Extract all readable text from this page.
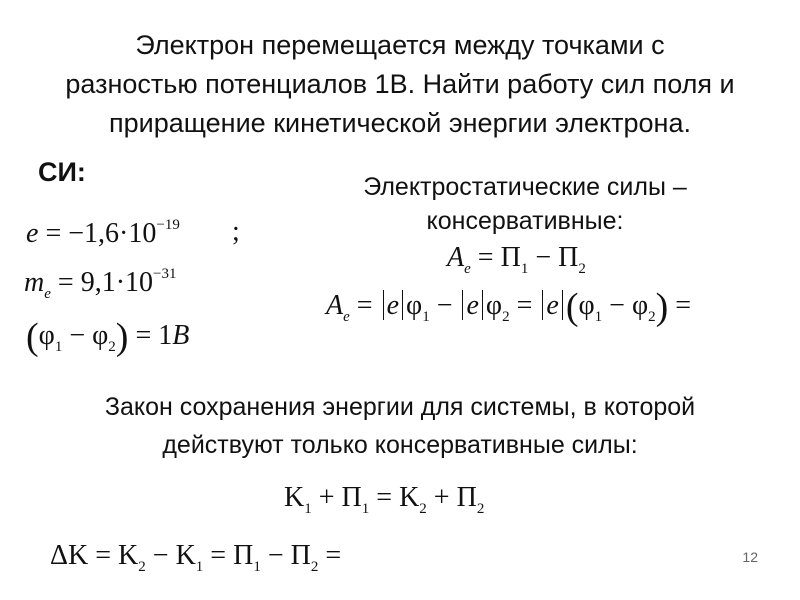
Электрон перемещается между точками с
разностью потенциалов 1В. Найти работу сил поля и
приращение кинетической энергии электрона.
СИ:
$e = -1,6\cdot 10^{-19}$ ;
$m_e = 9,1\cdot 10^{-31}$
$(\varphi_1 - \varphi_2) = 1B$
Электростатические силы –
консервативные:
$A_e = П_1 - П_2$
$A_e = e$ $\varphi_1 - e$ $\varphi_2 = e$ $(\varphi_1 - \varphi_2)$ =
Закон сохранения энергии для системы, в которой
действуют только консервативные силы:
$K_1 + П_1 = K_2 + П_2$
$\Delta K = K_2 - K_1 = П_1 - П_2$ =	12
